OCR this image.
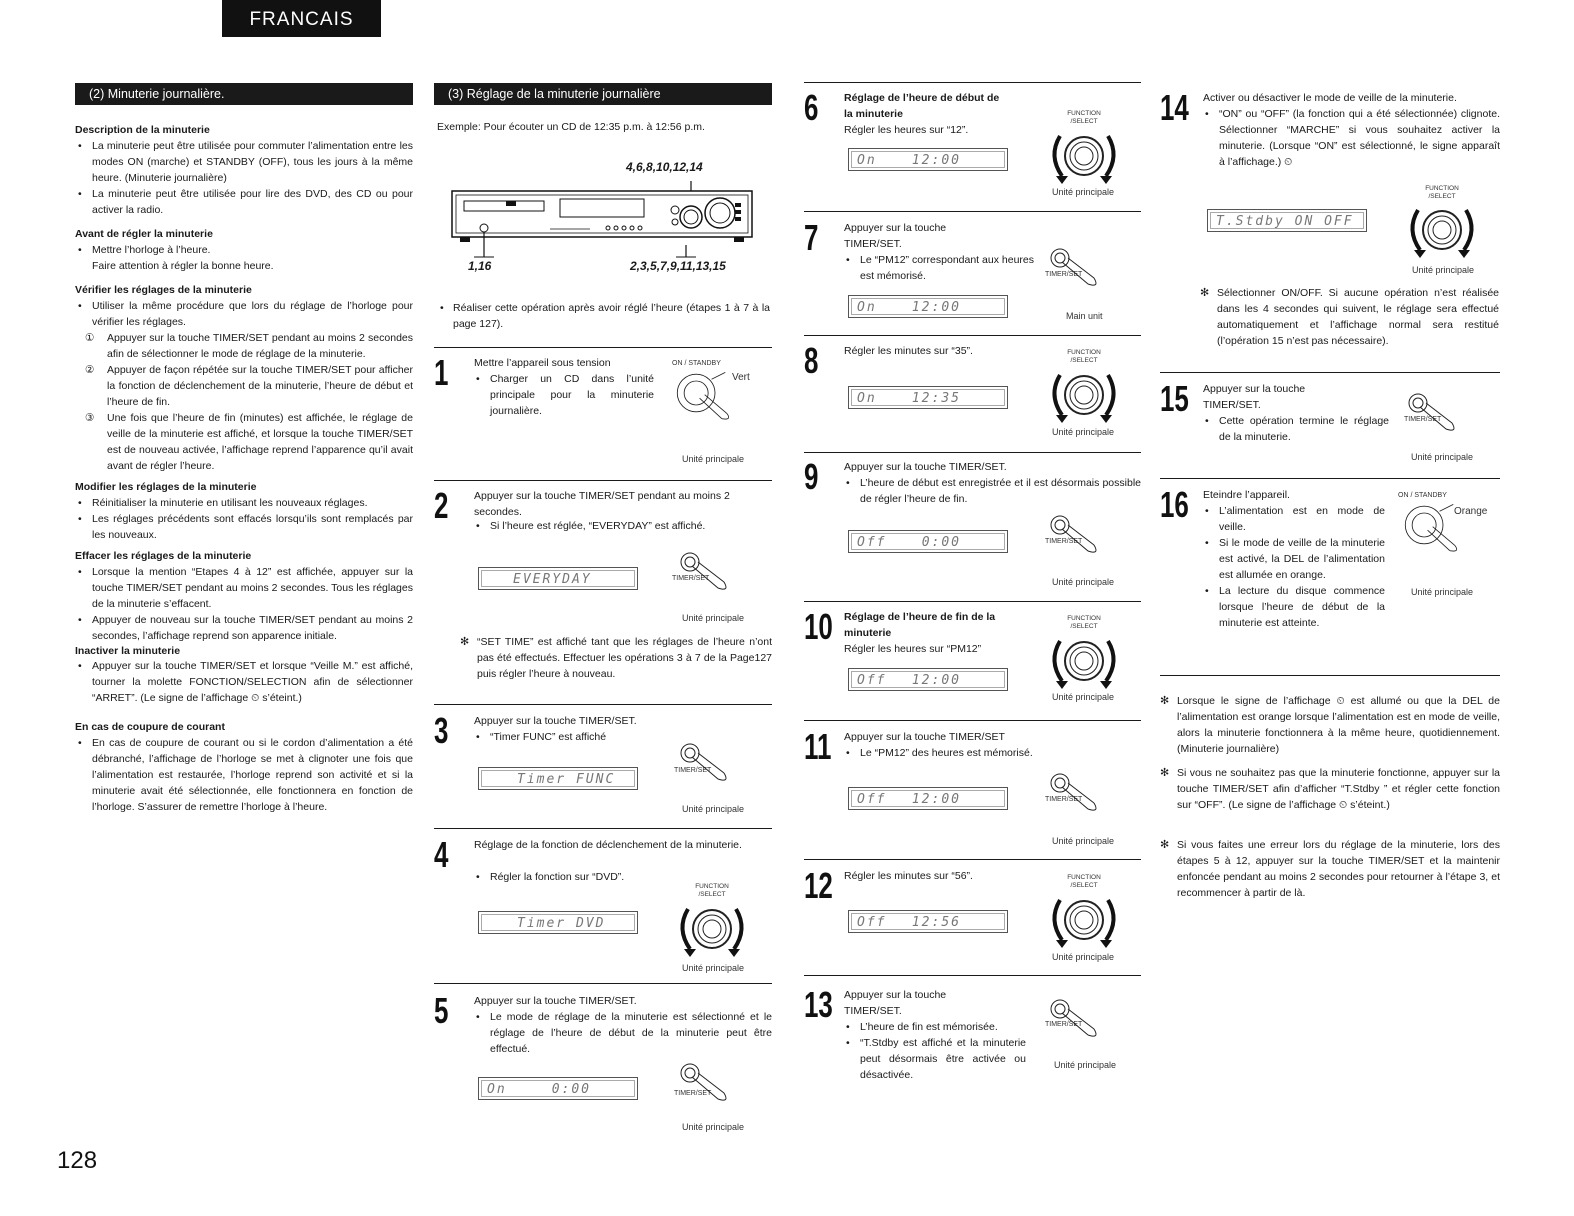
FRANCAIS
128
(2) Minuterie journalière.
Description de la minuterie
• La minuterie peut être utilisée pour commuter l’alimentation entre les modes ON (marche) et STANDBY (OFF), tous les jours à la même heure. (Minuterie journalière)
• La minuterie peut être utilisée pour lire des DVD, des CD ou pour activer la radio.
Avant de régler la minuterie
• Mettre l’horloge à l’heure.
Faire attention à régler la bonne heure.
Vérifier les réglages de la minuterie
• Utiliser la même procédure que lors du réglage de l’horloge pour vérifier les réglages.
① Appuyer sur la touche TIMER/SET pendant au moins 2 secondes afin de sélectionner le mode de réglage de la minuterie.
② Appuyer de façon répétée sur la touche TIMER/SET pour afficher la fonction de déclenchement de la minuterie, l’heure de début et l’heure de fin.
③ Une fois que l’heure de fin (minutes) est affichée, le réglage de veille de la minuterie est affiché, et lorsque la touche TIMER/SET est de nouveau activée, l’affichage reprend l’apparence qu’il avait avant de régler l’heure.
Modifier les réglages de la minuterie
• Réinitialiser la minuterie en utilisant les nouveaux réglages.
• Les réglages précédents sont effacés lorsqu’ils sont remplacés par les nouveaux.
Effacer les réglages de la minuterie
• Lorsque la mention “Etapes 4 à 12” est affichée, appuyer sur la touche TIMER/SET pendant au moins 2 secondes. Tous les réglages de la minuterie s’effacent.
• Appuyer de nouveau sur la touche TIMER/SET pendant au moins 2 secondes, l’affichage reprend son apparence initiale.
Inactiver la minuterie
• Appuyer sur la touche TIMER/SET et lorsque “Veille M.” est affiché, tourner la molette FONCTION/SELECTION afin de sélectionner “ARRET”. (Le signe de l’affichage ⏲ s’éteint.)
En cas de coupure de courant
• En cas de coupure de courant ou si le cordon d’alimentation a été débranché, l’affichage de l’horloge se met à clignoter une fois que l’alimentation est restaurée, l’horloge reprend son activité et si la minuterie avait été sélectionnée, elle fonctionnera en fonction de l’horloge. S’assurer de remettre l’horloge à l’heure.
(3) Réglage de la minuterie journalière
Exemple: Pour écouter un CD de 12:35 p.m. à 12:56 p.m.
4,6,8,10,12,14
1,16	2,3,5,7,9,11,13,15
• Réaliser cette opération après avoir réglé l’heure (étapes 1 à 7 à la page 127).
1 Mettre l’appareil sous tension
• Charger un CD dans l’unité principale pour la minuterie journalière.
ON / STANDBY
Vert
Unité principale
2 Appuyer sur la touche TIMER/SET pendant au moins 2 secondes.
• Si l’heure est réglée, “EVERYDAY” est affiché.
EVERYDAY	TIMER/SET
Unité principale
✻ “SET TIME” est affiché tant que les réglages de l’heure n’ont pas été effectués. Effectuer les opérations 3 à 7 de la Page127 puis régler l’heure à nouveau.
3 Appuyer sur la touche TIMER/SET.
• “Timer FUNC” est affiché
Timer FUNC
TIMER/SET
Unité principale
4 Réglage de la fonction de déclenchement de la minuterie.
• Régler la fonction sur “DVD”.
Timer DVD
FUNCTION /SELECT
Unité principale
5 Appuyer sur la touche TIMER/SET.
• Le mode de réglage de la minuterie est sélectionné et le réglage de l’heure de début de la minuterie peut être effectué.
On	0:00	TIMER/SET
Unité principale
6 Réglage de l’heure de début de
la minuterie
Régler les heures sur “12”.
On	12:00
FUNCTION /SELECT
Unité principale
7 Appuyer sur la touche TIMER/SET.
• Le “PM12” correspondant aux heures est mémorisé.
On	12:00
TIMER/SET
Main unit
8 Régler les minutes sur “35”.
On	12:35
FUNCTION /SELECT
Unité principale
9 Appuyer sur la touche TIMER/SET.
• L’heure de début est enregistrée et il est désormais possible de régler l’heure de fin.
Off	0:00	TIMER/SET
Unité principale
10 Réglage de l’heure de fin de la
minuterie
Régler les heures sur “PM12”
Off 12:00
FUNCTION /SELECT
Unité principale
11 Appuyer sur la touche TIMER/SET
• Le “PM12” des heures est mémorisé.
Off 12:00	TIMER/SET
Unité principale
12 Régler les minutes sur “56”.
Off 12:56
FUNCTION /SELECT
Unité principale
13 Appuyer sur la touche TIMER/SET.
• L’heure de fin est mémorisée.
• “T.Stdby est affiché et la minuterie peut désormais être activée ou désactivée.
TIMER/SET
Unité principale
14 Activer ou désactiver le mode de veille de la minuterie.
• “ON” ou “OFF” (la fonction qui a été sélectionnée) clignote. Sélectionner “MARCHE” si vous souhaitez activer la minuterie. (Lorsque “ON” est sélectionné, le signe apparaît à l’affichage.) ⏲
T.Stdby ON OFF
FUNCTION /SELECT
Unité principale
✻ Sélectionner ON/OFF. Si aucune opération n’est réalisée dans les 4 secondes qui suivent, le réglage sera effectué automatiquement et l’affichage normal sera restitué (l’opération 15 n’est pas nécessaire).
15 Appuyer sur la touche TIMER/SET.
• Cette opération termine le réglage de la minuterie.
TIMER/SET
Unité principale
16 Eteindre l’appareil.
• L’alimentation est en mode de veille.
• Si le mode de veille de la minuterie est activé, la DEL de l’alimentation est allumée en orange.
• La lecture du disque commence lorsque l’heure de début de la minuterie est atteinte.
ON / STANDBY
Orange
Unité principale
✻ Lorsque le signe de l’affichage ⏲ est allumé ou que la DEL de l’alimentation est orange lorsque l’alimentation est en mode de veille, alors la minuterie fonctionnera à la même heure, quotidiennement. (Minuterie journalière)
✻ Si vous ne souhaitez pas que la minuterie fonctionne, appuyer sur la touche TIMER/SET afin d’afficher “T.Stdby ” et régler cette fonction sur “OFF”. (Le signe de l’affichage ⏲ s’éteint.)
✻ Si vous faites une erreur lors du réglage de la minuterie, lors des étapes 5 à 12, appuyer sur la touche TIMER/SET et la maintenir enfoncée pendant au moins 2 secondes pour retourner à l’étape 3, et recommencer à partir de là.
